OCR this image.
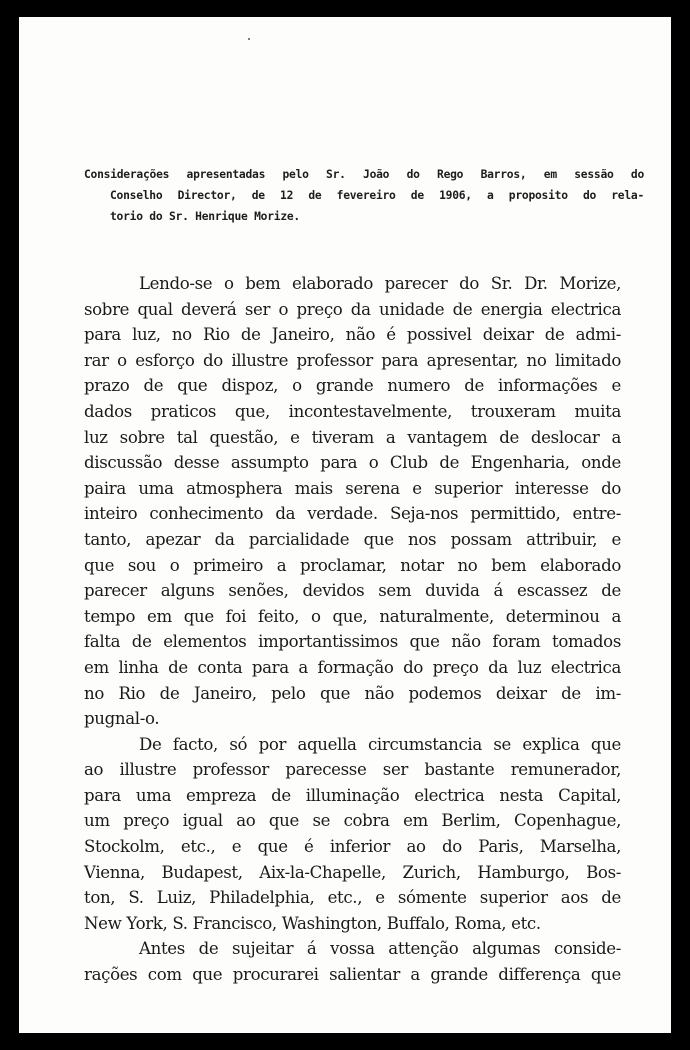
Considerações apresentadas pelo Sr. João do Rego Barros, em sessão do
Conselho Director, de 12 de fevereiro de 1906, a proposito do rela-
torio do Sr. Henrique Morize.
Lendo-se o bem elaborado parecer do Sr. Dr. Morize,
sobre qual deverá ser o preço da unidade de energia electrica
para luz, no Rio de Janeiro, não é possivel deixar de admi-
rar o esforço do illustre professor para apresentar, no limitado
prazo de que dispoz, o grande numero de informações e
dados praticos que, incontestavelmente, trouxeram muita
luz sobre tal questão, e tiveram a vantagem de deslocar a
discussão desse assumpto para o Club de Engenharia, onde
paira uma atmosphera mais serena e superior interesse do
inteiro conhecimento da verdade. Seja-nos permittido, entre-
tanto, apezar da parcialidade que nos possam attribuir, e
que sou o primeiro a proclamar, notar no bem elaborado
parecer alguns senões, devidos sem duvida á escassez de
tempo em que foi feito, o que, naturalmente, determinou a
falta de elementos importantissimos que não foram tomados
em linha de conta para a formação do preço da luz electrica
no Rio de Janeiro, pelo que não podemos deixar de im-
pugnal-o.
De facto, só por aquella circumstancia se explica que
ao illustre professor parecesse ser bastante remunerador,
para uma empreza de illuminação electrica nesta Capital,
um preço igual ao que se cobra em Berlim, Copenhague,
Stockolm, etc., e que é inferior ao do Paris, Marselha,
Vienna, Budapest, Aix-la-Chapelle, Zurich, Hamburgo, Bos-
ton, S. Luiz, Philadelphia, etc., e sómente superior aos de
New York, S. Francisco, Washington, Buffalo, Roma, etc.
Antes de sujeitar á vossa attenção algumas conside-
rações com que procurarei salientar a grande differença que
